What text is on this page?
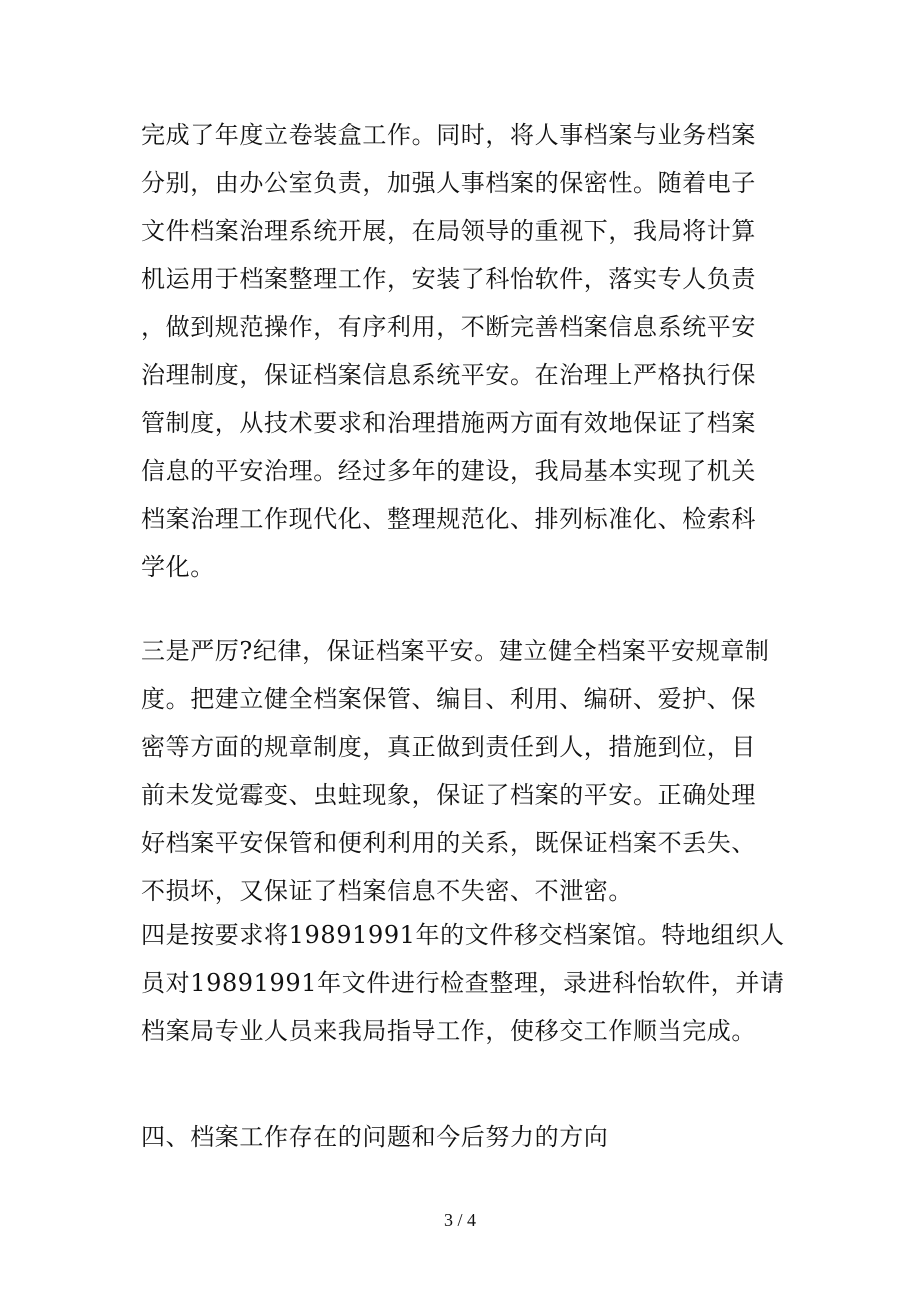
完成了年度立卷装盒工作。同时，将人事档案与业务档案
分别，由办公室负责，加强人事档案的保密性。随着电子
文件档案治理系统开展，在局领导的重视下，我局将计算
机运用于档案整理工作，安装了科怡软件，落实专人负责
，做到规范操作，有序利用，不断完善档案信息系统平安
治理制度，保证档案信息系统平安。在治理上严格执行保
管制度，从技术要求和治理措施两方面有效地保证了档案
信息的平安治理。经过多年的建设，我局基本实现了机关
档案治理工作现代化、整理规范化、排列标准化、检索科
学化。
三是严厉?纪律，保证档案平安。建立健全档案平安规章制
度。把建立健全档案保管、编目、利用、编研、爱护、保
密等方面的规章制度，真正做到责任到人，措施到位，目
前未发觉霉变、虫蛀现象，保证了档案的平安。正确处理
好档案平安保管和便利利用的关系，既保证档案不丢失、
不损坏，又保证了档案信息不失密、不泄密。
四是按要求将19891991年的文件移交档案馆。特地组织人
员对19891991年文件进行检查整理，录进科怡软件，并请
档案局专业人员来我局指导工作，使移交工作顺当完成。
四、档案工作存在的问题和今后努力的方向
3 / 4
